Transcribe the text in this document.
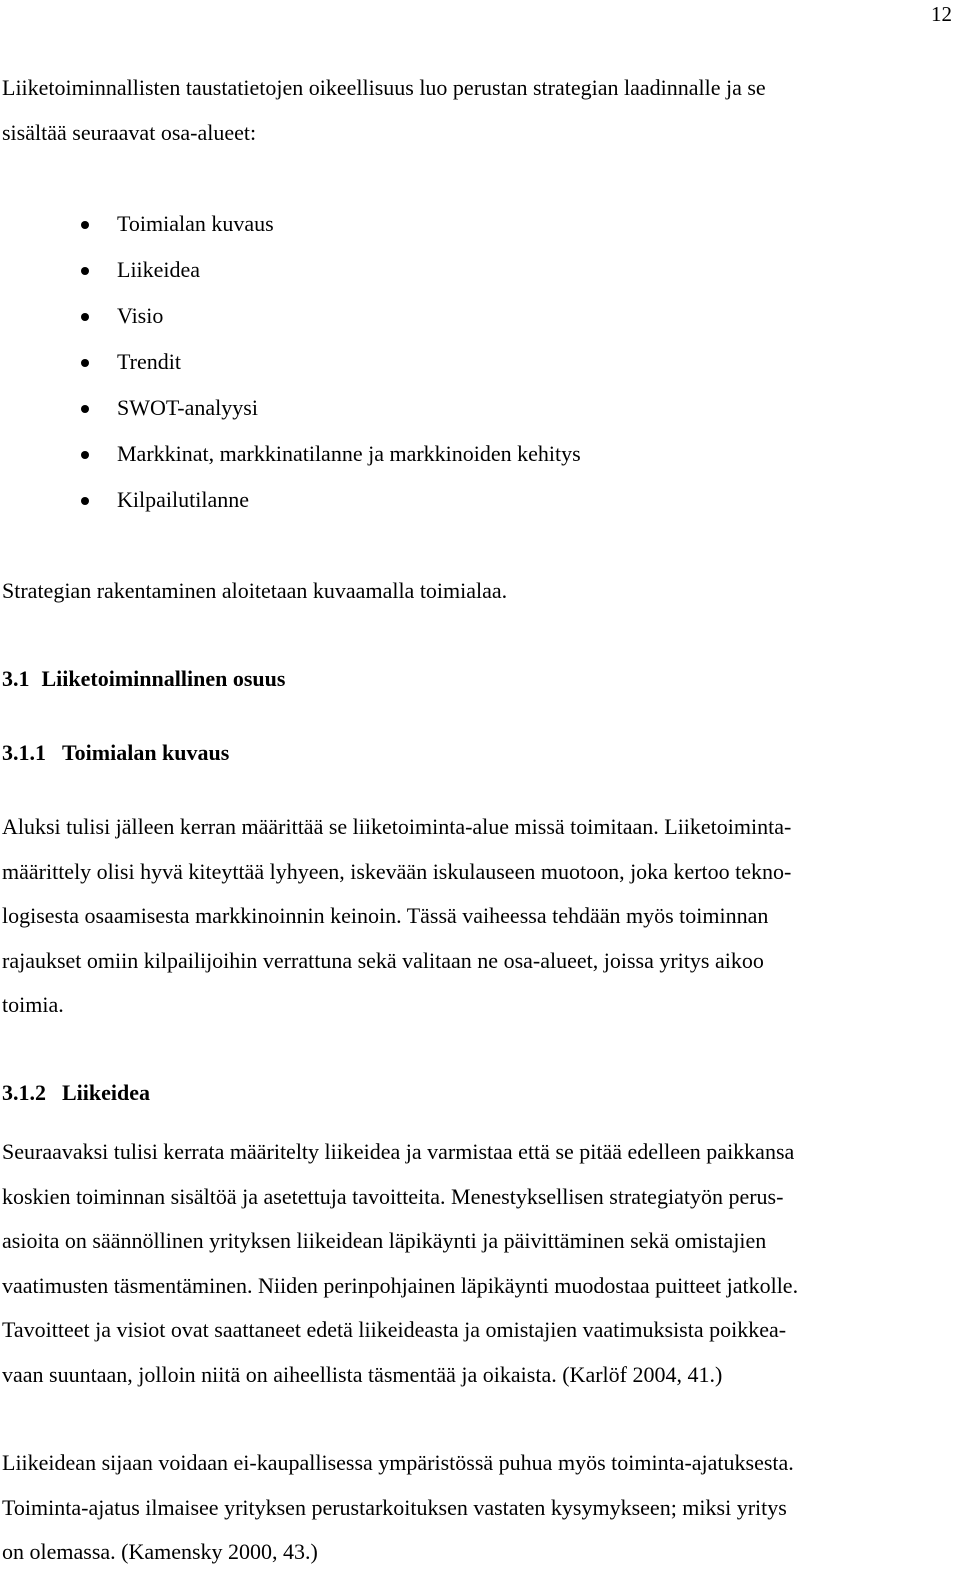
12
Liiketoiminnallisten taustatietojen oikeellisuus luo perustan strategian laadinnalle ja se
sisältää seuraavat osa-alueet:
Toimialan kuvaus
Liikeidea
Visio
Trendit
SWOT-analyysi
Markkinat, markkinatilanne ja markkinoiden kehitys
Kilpailutilanne
Strategian rakentaminen aloitetaan kuvaamalla toimialaa.
3.1 Liiketoiminnallinen osuus
3.1.1 Toimialan kuvaus
Aluksi tulisi jälleen kerran määrittää se liiketoiminta-alue missä toimitaan. Liiketoiminta-
määrittely olisi hyvä kiteyttää lyhyeen, iskevään iskulauseen muotoon, joka kertoo tekno-
logisesta osaamisesta markkinoinnin keinoin. Tässä vaiheessa tehdään myös toiminnan
rajaukset omiin kilpailijoihin verrattuna sekä valitaan ne osa-alueet, joissa yritys aikoo
toimia.
3.1.2 Liikeidea
Seuraavaksi tulisi kerrata määritelty liikeidea ja varmistaa että se pitää edelleen paikkansa
koskien toiminnan sisältöä ja asetettuja tavoitteita. Menestyksellisen strategiatyön perus-
asioita on säännöllinen yrityksen liikeidean läpikäynti ja päivittäminen sekä omistajien
vaatimusten täsmentäminen. Niiden perinpohjainen läpikäynti muodostaa puitteet jatkolle.
Tavoitteet ja visiot ovat saattaneet edetä liikeideasta ja omistajien vaatimuksista poikkea-
vaan suuntaan, jolloin niitä on aiheellista täsmentää ja oikaista. (Karlöf 2004, 41.)
Liikeidean sijaan voidaan ei-kaupallisessa ympäristössä puhua myös toiminta-ajatuksesta.
Toiminta-ajatus ilmaisee yrityksen perustarkoituksen vastaten kysymykseen; miksi yritys
on olemassa. (Kamensky 2000, 43.)
